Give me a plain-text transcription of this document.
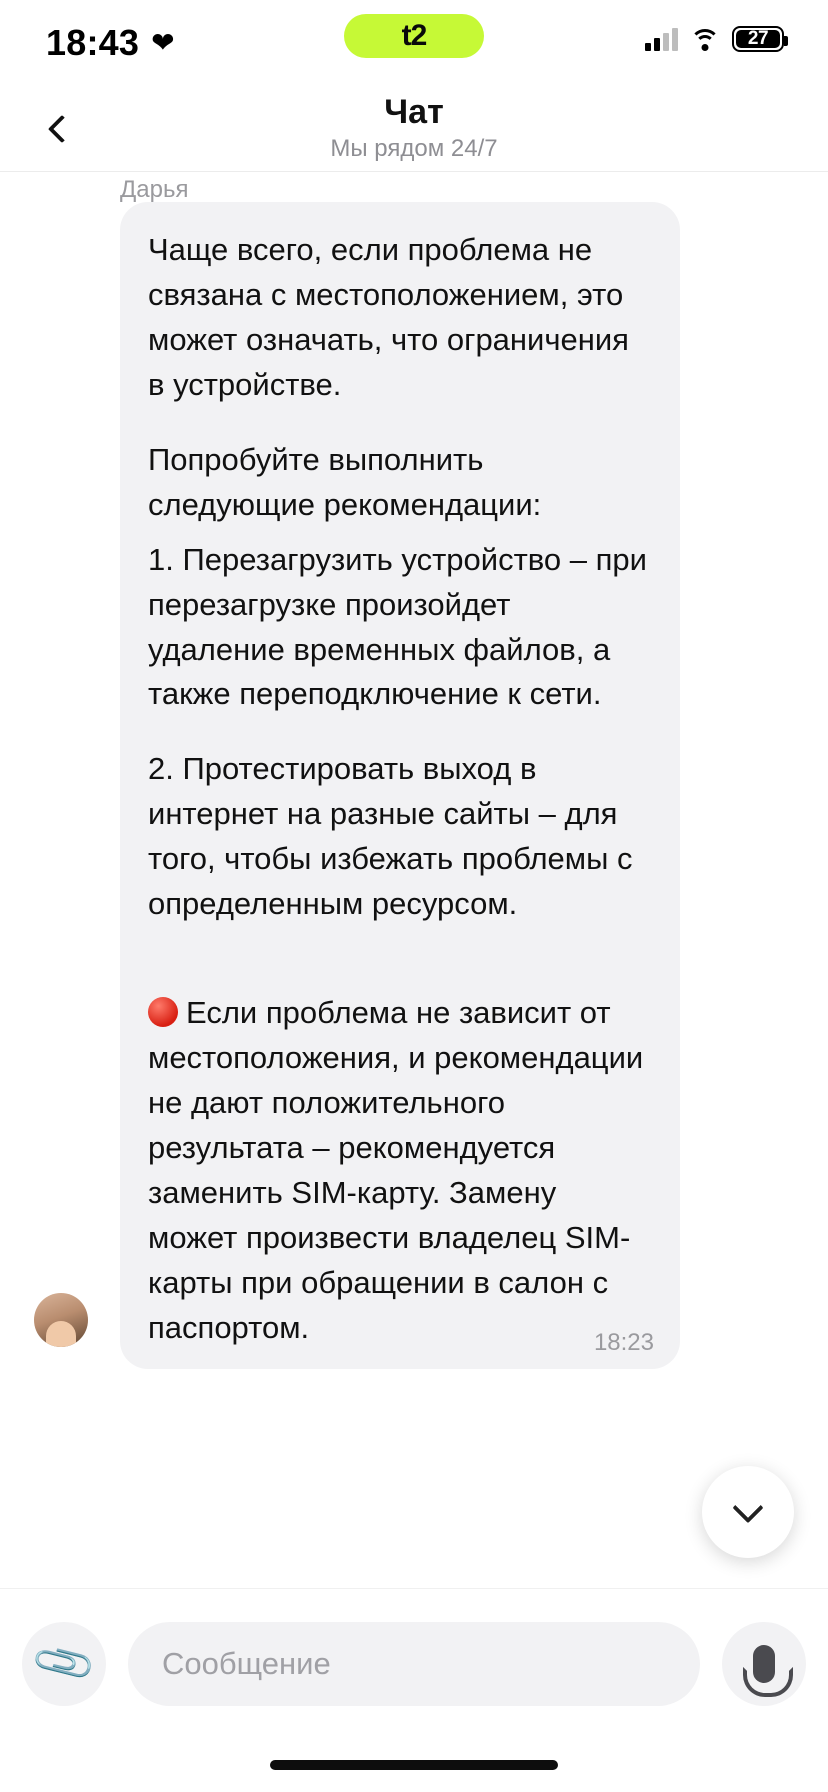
18:43 ❤	t2	27
Чат
Мы рядом 24/7
Дарья

Чаще всего, если проблема не связана с местоположением, это может означать, что ограничения в устройстве.

Попробуйте выполнить следующие рекомендации:

1. Перезагрузить устройство – при перезагрузке произойдет удаление временных файлов, а также переподключение к сети.

2. Протестировать выход в интернет на разные сайты – для того, чтобы избежать проблемы с определенным ресурсом.

Если проблема не зависит от местоположения, и рекомендации не дают положительного результата – рекомендуется заменить SIM-карту. Замену может произвести владелец SIM-карты при обращении в салон с паспортом.	18:23
📎
Сообщение
